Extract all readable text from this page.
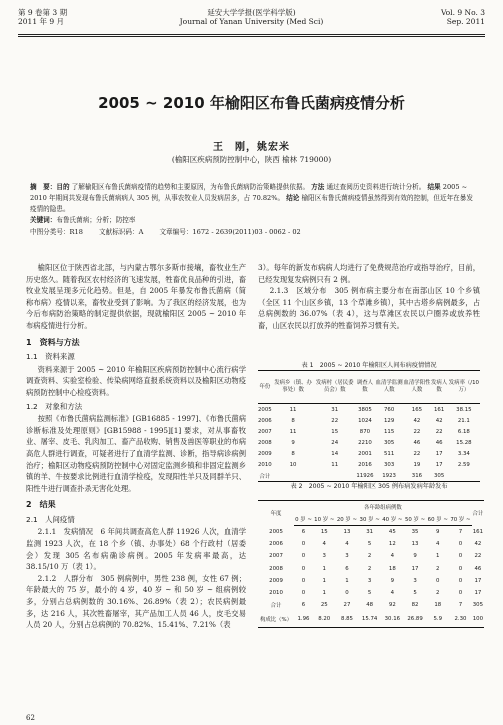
第 9 卷第 3 期
2011 年 9 月
延安大学学报(医学科学版)
Journal of Yanan University (Med Sci)
Vol. 9 No. 3
Sep. 2011
2005 ~ 2010 年榆阳区布鲁氏菌病疫情分析
王　刚，姚宏米
(榆阳区疾病预防控制中心，陕西 榆林 719000)

摘　要：目的 了解榆阳区布鲁氏菌病疫情的趋势和主要原因，为布鲁氏菌病防治策略提供依据。 方法 通过查阅历史资料进行统计分析。 结果 2005 ~ 2010 年期间共发现布鲁氏菌病病人 305 例，从事农牧业人员发病居多，占 70.82%。 结论 榆阳区布鲁氏菌病疫情虽然得到有效的控制，但近年在暴发疫情的隐患。

关键词：布鲁氏菌病；分析；防控率

中图分类号：R18 文献标识码：A 文章编号：1672 - 2639(2011)03 - 0062 - 02

榆阳区位于陕西省北部，与内蒙古鄂尔多斯市接壤，畜牧业生产历史悠久。随着我区农村经济的飞速发展，牲畜优良品种的引进，畜牧业发展呈现多元化趋势。但是，自 2005 年暴发布鲁氏菌病（简称布病）疫情以来，畜牧业受到了影响。为了我区的经济发展，也为今后布病防治策略的制定提供依据，现就榆阳区 2005 ~ 2010 年布病疫情进行分析。

1　资料与方法
1.1　资料来源

资料来源于 2005 ~ 2010 年榆阳区疾病预防控制中心流行病学调查资料、实验室检验、传染病网络直报系统资料以及榆阳区动物疫病预防控制中心检疫资料。

1.2　对象和方法

按照《布鲁氏菌病监测标准》[GB16885 - 1997]、《布鲁氏菌病诊断标准及处理原则》[GB15988 - 1995][1] 要求，对从事畜牧业、屠宰、皮毛、乳肉加工、畜产品收购、销售及兽医等职业的布病高危人群进行调查，可疑者进行了血清学监测、诊断，指导病诊病例治疗；榆阳区动物疫病预防控制中心对固定监测乡镇和非固定监测乡镇的羊、牛按要求比例进行血清学检疫，发现阳性羊只及同群羊只、阳性牛进行调查扑杀无害化处理。

2　结果
2.1　人间疫情

2.1.1　发病情况　6 年间共调查高危人群 11926 人次，血清学监测 1923 人次，在 18 个乡（镇、办事处）68 个行政村（居委会）发现 305 名布病确诊病例。2005 年发病率最高，达 38.15/10 万（表 1）。

2.1.2　人群分布　305 例病例中，男性 238 例，女性 67 例；年龄最大的 75 岁，最小的 4 岁，40 岁 ~ 和 50 岁 ~ 组病例较多，分别占总病例数的 30.16%、26.89%（表 2）；农民病例最多，达 216 人，其次牲畜屠宰，其产品加工人员 46 人，皮毛交易人员 20 人，分别占总病例的 70.82%、15.41%、7.21%（表

3）。每年的新发布病病人均进行了免费规范治疗或指导治疗，目前，已经发现复发病例只有 2 例。

2.1.3　区域分布　305 例布病主要分布在南部山区 10 个乡镇（全区 11 个山区乡镇，13 个草滩乡镇），其中古塔乡病例最多，占总病例数的 36.07%（表 4），这与草滩区农民以户圈养或放养牲畜，山区农民以打放养的牲畜饲养习惯有关。

表 1　2005 ~ 2010 年榆阳区人间布病疫情情况
年份	发病乡（镇、办事处）数	发病村（居民委员会）数	调查人数	血清学监测人数	血清学阳性人数	发病人数	发病率（/10 万）
2005	11	31	3805	760	165	161	38.15
2006	8	22	1024	129	42	42	21.1
2007	11	15	870	115	22	22	6.18
2008	9	24	2210	305	46	46	15.28
2009	8	14	2001	511	22	17	3.34
2010	10	11	2016	303	19	17	2.59
合计			11926	1923	316	305	
表 2　2005 ~ 2010 年榆阳区 305 例布病发病年龄发布
年度	各年龄组病例数								合计
	0 岁 ~	10 岁 ~	20 岁 ~	30 岁 ~	40 岁 ~	50 岁 ~	60 岁 ~	70 岁 ~	
2005	6	15	13	31	45	35	9	7	161
2006	0	4	4	5	12	13	4	0	42
2007	0	3	3	2	4	9	1	0	22
2008	0	1	6	2	18	17	2	0	46
2009	0	1	1	3	9	3	0	0	17
2010	0	1	0	5	4	5	2	0	17
合计	6	25	27	48	92	82	18	7	305
构成比（%）	1.96	8.20	8.85	15.74	30.16	26.89	5.9	2.30	100
62
